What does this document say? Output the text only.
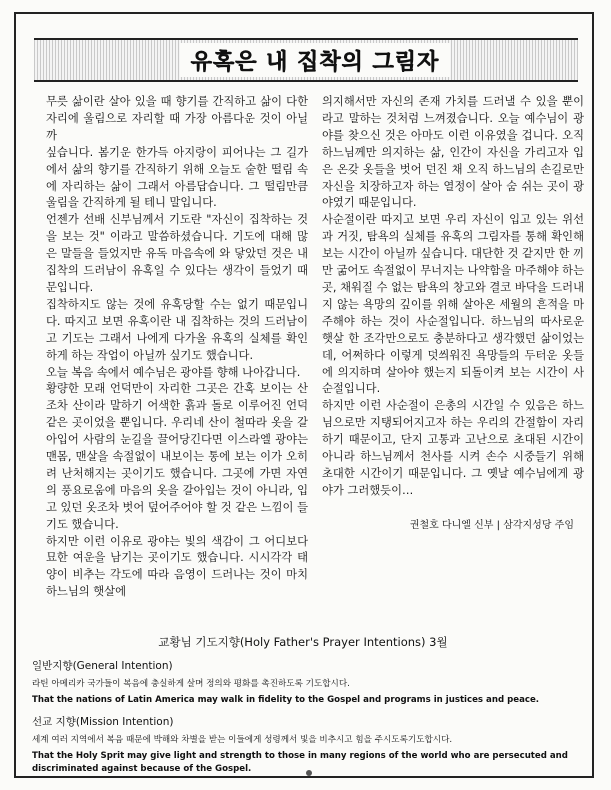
유혹은 내 집착의 그림자

무릇 삶이란 살아 있을 때 향기를 간직하고 삶이 다한 자리에 울림으로 자리할 때 가장 아름다운 것이 아닐까

싶습니다. 봄기운 한가득 아지랑이 피어나는 그 길가에서 삶의 향기를 간직하기 위해 오늘도 숱한 떨림 속에 자리하는 삶이 그래서 아름답습니다. 그 떨림만큼 울림을 간직하게 될 테니 말입니다.

언젠가 선배 신부님께서 기도란 "자신이 집착하는 것을 보는 것" 이라고 말씀하셨습니다. 기도에 대해 많은 말들을 들었지만 유독 마음속에 와 닿았던 것은 내 집착의 드러남이 유혹일 수 있다는 생각이 들었기 때문입니다.

집착하지도 않는 것에 유혹당할 수는 없기 때문입니다. 따지고 보면 유혹이란 내 집착하는 것의 드러남이고 기도는 그래서 나에게 다가올 유혹의 실체를 확인하게 하는 작업이 아닐까 싶기도 했습니다.

오늘 복음 속에서 예수님은 광야를 향해 나아갑니다.

황량한 모래 언덕만이 자리한 그곳은 간혹 보이는 산조차 산이라 말하기 어색한 흙과 돌로 이루어진 언덕 같은 곳이었을 뿐입니다. 우리네 산이 철따라 옷을 갈아입어 사람의 눈길을 끌어당긴다면 이스라엘 광야는 맨몸, 맨살을 속절없이 내보이는 통에 보는 이가 오히려 난처해지는 곳이기도 했습니다. 그곳에 가면 자연의 풍요로움에 마음의 옷을 갈아입는 것이 아니라, 입고 있던 옷조차 벗어 덮어주어야 할 것 같은 느낌이 들기도 했습니다.

하지만 이런 이유로 광야는 빛의 색감이 그 어디보다 묘한 여운을 남기는 곳이기도 했습니다. 시시각각 태양이 비추는 각도에 따라 음영이 드러나는 것이 마치 하느님의 햇살에

의지해서만 자신의 존재 가치를 드러낼 수 있을 뿐이라고 말하는 것처럼 느껴졌습니다. 오늘 예수님이 광야를 찾으신 것은 아마도 이런 이유였을 겁니다. 오직 하느님께만 의지하는 삶, 인간이 자신을 가리고자 입은 온갖 옷들을 벗어 던진 채 오직 하느님의 손길로만 자신을 치장하고자 하는 열정이 살아 숨 쉬는 곳이 광야였기 때문입니다.

사순절이란 따지고 보면 우리 자신이 입고 있는 위선과 거짓, 탐욕의 실체를 유혹의 그림자를 통해 확인해 보는 시간이 아닐까 싶습니다. 대단한 것 같지만 한 끼만 굶어도 속절없이 무너지는 나약함을 마주해야 하는 곳, 채워질 수 없는 탐욕의 창고와 결코 바닥을 드러내지 않는 욕망의 깊이를 위해 살아온 세월의 흔적을 마주해야 하는 것이 사순절입니다. 하느님의 따사로운 햇살 한 조각만으로도 충분하다고 생각했던 삶이었는데, 어쩌하다 이렇게 덧씌워진 욕망들의 두터운 옷들에 의지하며 살아야 했는지 되돌이켜 보는 시간이 사순절입니다.

하지만 이런 사순절이 은총의 시간일 수 있음은 하느님으로만 지탱되어지고자 하는 우리의 간절함이 자리하기 때문이고, 단지 고통과 고난으로 초대된 시간이 아니라 하느님께서 천사를 시켜 손수 시중들기 위해 초대한 시간이기 때문입니다. 그 옛날 예수님에게 광야가 그러했듯이…

권철호 다니엘 신부 | 삼각지성당 주임

교황님 기도지향(Holy Father's Prayer Intentions) 3월
일반지향(General Intention)
라틴 아메리카 국가들이 복음에 충실하게 살며 정의와 평화를 촉진하도록 기도합시다.
That the nations of Latin America may walk in fidelity to the Gospel and programs in justices and peace.
선교 지향(Mission Intention)
세계 여러 지역에서 복음 때문에 박해와 차별을 받는 이들에게 성령께서 빛을 비추시고 힘을 주시도록기도합시다.
That the Holy Sprit may give light and strength to those in many regions of the world who are persecuted and discriminated against because of the Gospel.
